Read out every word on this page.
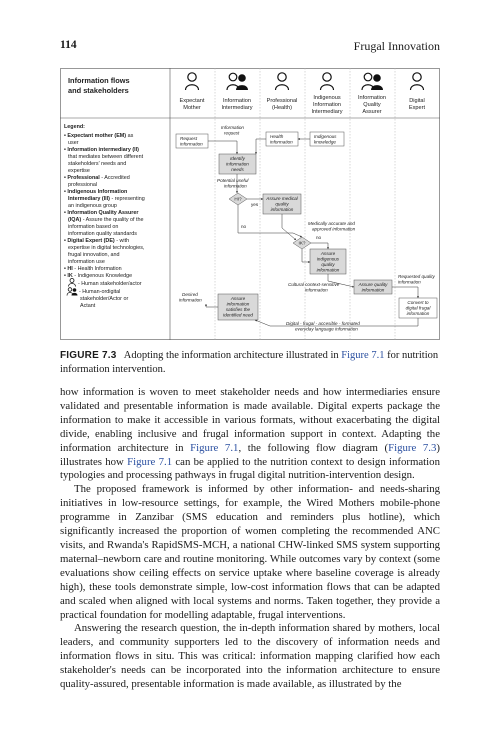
114	Frugal Innovation
Information flows
and stakeholders
Legend:
Expectant
Mother
Information
Intermediary
Professional
(Health)
Indigenous
Information
Intermediary
Information
Quality
Assurer
Digital
Expert
• Expectant mother (EM) as
user
• Information intermediary (II)
that mediates between different
stakeholders' needs and
expertise
• Professional - Accredited
professional
• Indigenous Information
Intermediary (III) - representing
an indigenous group
• Information Quality Assurer
(IQA) - Assure the quality of the
information based on
information quality standards
• Digital Expert (DE) - with
expertise in digital technologies,
frugal innovation, and
information use
• HI - Health Information
• IK - Indigenous Knowledge
- Human stakeholder/actor
- Human-ordigital
stakeholder/Actor or
Actant
Request
information
Information
request
Health
information
Indigenous
knowledge
Identify
information
needs
Potential useful
information
HI?
yes
no
Assure medical
quality
information
Medically accurate and
approved information
IK?
no
Assure
indigenous
quality
information
Cultural context-sensitive
information
Assure quality
information
Requested quality
information
Desired
information	Assure
information
satisfies the
identified need
Convert to
digital frugal
information
Digital - frugal - accesible - formated
everyday language information
FIGURE 7.3 Adopting the information architecture illustrated in Figure 7.1 for nutrition information intervention.

how information is woven to meet stakeholder needs and how intermediaries ensure validated and presentable information is made available. Digital experts package the information to make it accessible in various formats, without exacerbating the digital divide, enabling inclusive and frugal information support in context. Adapting the information architecture in Figure 7.1, the following flow diagram (Figure 7.3) illustrates how Figure 7.1 can be applied to the nutrition context to design information typologies and processing pathways in frugal digital nutrition-intervention design.

The proposed framework is informed by other information- and needs-sharing initiatives in low-resource settings, for example, the Wired Mothers mobile-phone programme in Zanzibar (SMS education and reminders plus hotline), which significantly increased the proportion of women completing the recommended ANC visits, and Rwanda's RapidSMS-MCH, a national CHW-linked SMS system supporting maternal–newborn care and routine monitoring. While outcomes vary by context (some evaluations show ceiling effects on service uptake where baseline coverage is already high), these tools demonstrate simple, low-cost information flows that can be adapted and scaled when aligned with local systems and norms. Taken together, they provide a practical foundation for modelling adaptable, frugal interventions.

Answering the research question, the in-depth information shared by mothers, local leaders, and community supporters led to the discovery of information needs and information flows in situ. This was critical: information mapping clarified how each stakeholder's needs can be incorporated into the information architecture to ensure quality-assured, presentable information is made available, as illustrated by the
